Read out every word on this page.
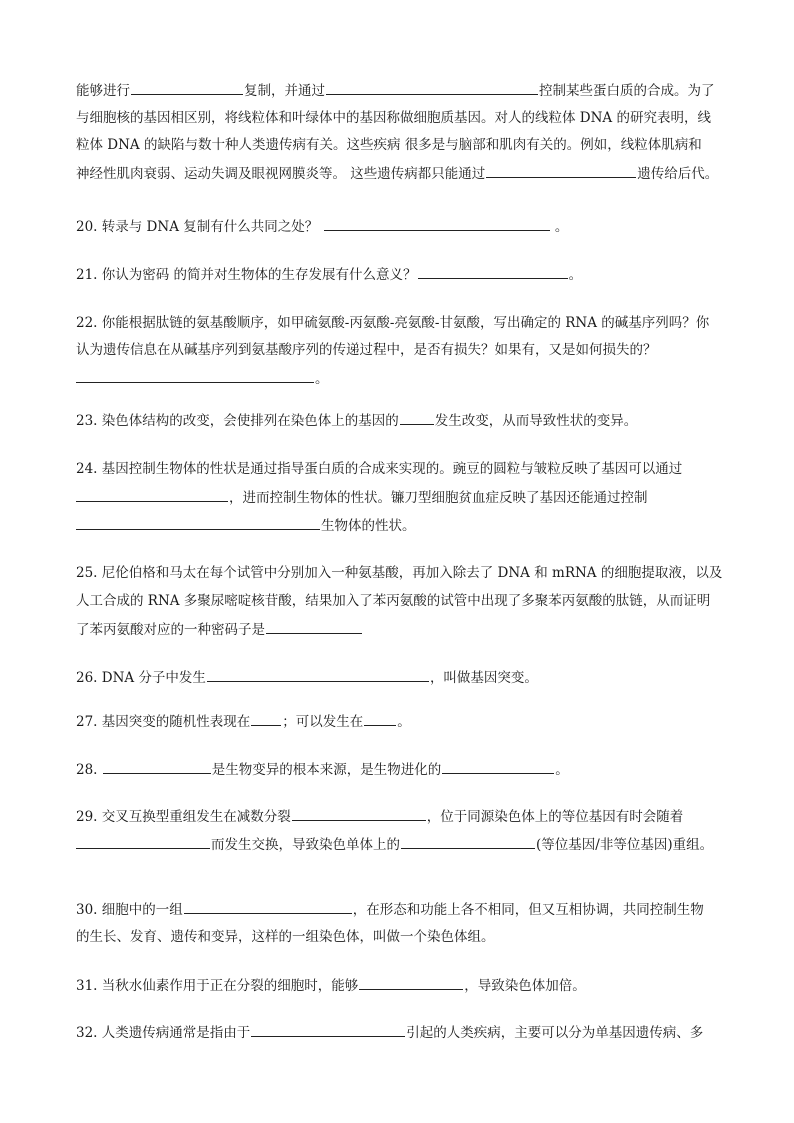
能够进行	复制，并通过	控制某些蛋白质的合成。为了
与细胞核的基因相区别，将线粒体和叶绿体中的基因称做细胞质基因。对人的线粒体 DNA 的研究表明，线
粒体 DNA 的缺陷与数十种人类遗传病有关。这些疾病 很多是与脑部和肌肉有关的。例如，线粒体肌病和
神经性肌肉衰弱、运动失调及眼视网膜炎等。 这些遗传病都只能通过	遗传给后代。
20. 转录与 DNA 复制有什么共同之处？	。
21. 你认为密码 的简并对生物体的生存发展有什么意义？	。
22. 你能根据肽链的氨基酸顺序，如甲硫氨酸-丙氨酸-亮氨酸-甘氨酸，写出确定的 RNA 的碱基序列吗？你
认为遗传信息在从碱基序列到氨基酸序列的传递过程中，是否有损失？如果有，又是如何损失的？
。
23. 染色体结构的改变，会使排列在染色体上的基因的	发生改变，从而导致性状的变异。
24. 基因控制生物体的性状是通过指导蛋白质的合成来实现的。豌豆的圆粒与皱粒反映了基因可以通过
，进而控制生物体的性状。镰刀型细胞贫血症反映了基因还能通过控制
生物体的性状。
25. 尼伦伯格和马太在每个试管中分别加入一种氨基酸，再加入除去了 DNA 和 mRNA 的细胞提取液，以及
人工合成的 RNA 多聚尿嘧啶核苷酸，结果加入了苯丙氨酸的试管中出现了多聚苯丙氨酸的肽链，从而证明
了苯丙氨酸对应的一种密码子是
26. DNA 分子中发生	，叫做基因突变。
27. 基因突变的随机性表现在 ；可以发生在	。
28.	是生物变异的根本来源，是生物进化的	。
29. 交叉互换型重组发生在减数分裂	，位于同源染色体上的等位基因有时会随着
而发生交换，导致染色单体上的	(等位基因/非等位基因)重组。
30. 细胞中的一组	，在形态和功能上各不相同，但又互相协调，共同控制生物
的生长、发育、遗传和变异，这样的一组染色体，叫做一个染色体组。
31. 当秋水仙素作用于正在分裂的细胞时，能够	，导致染色体加倍。
32. 人类遗传病通常是指由于	引起的人类疾病，主要可以分为单基因遗传病、多
